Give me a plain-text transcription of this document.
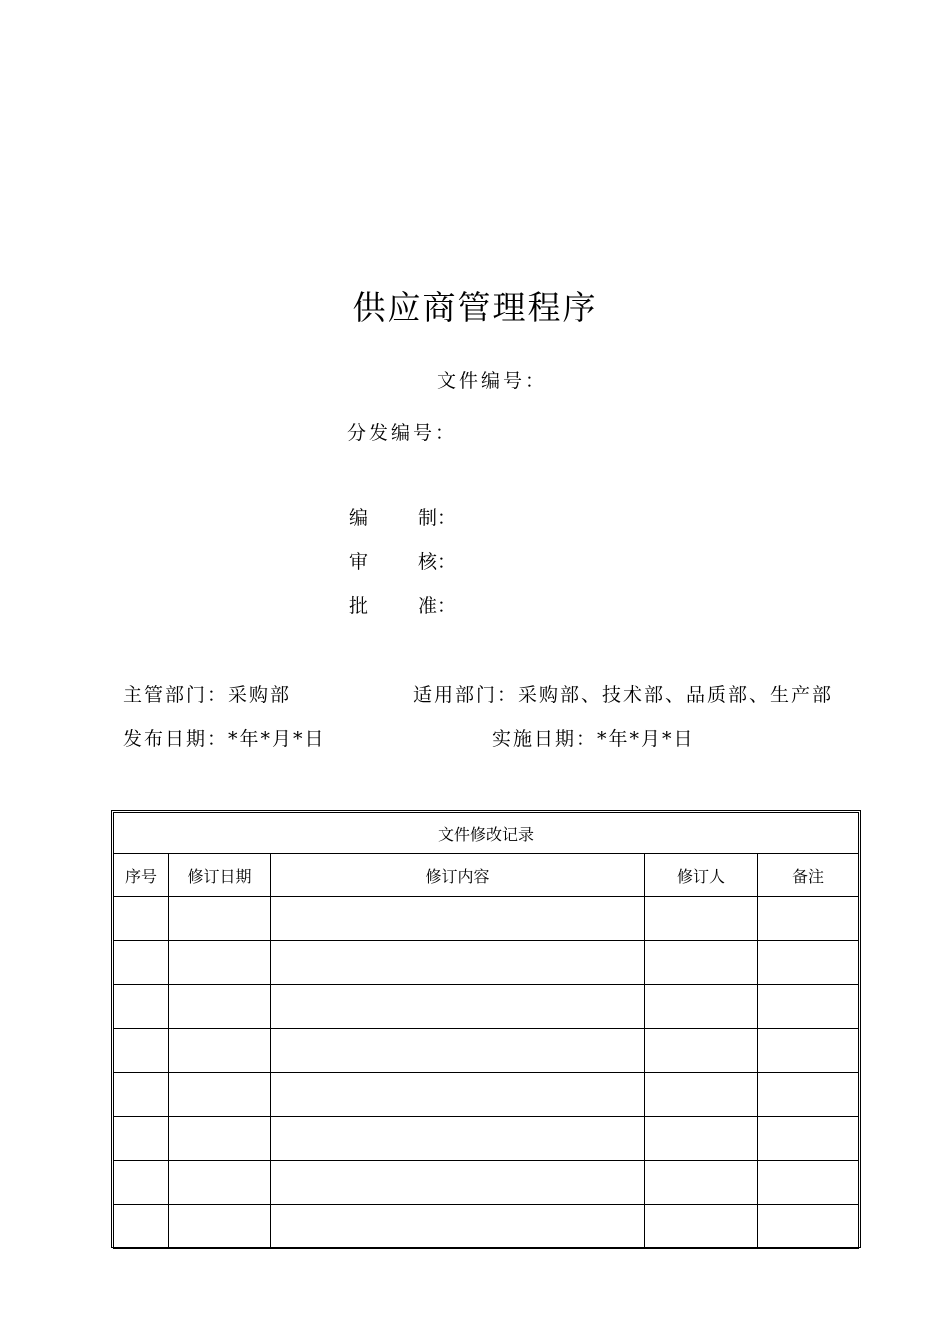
供应商管理程序
文件编号：
分发编号：
编	制：
审	核：
批	准：
主管部门：采购部	适用部门：采购部、技术部、品质部、生产部
发布日期：*年*月*日	实施日期：*年*月*日
文件修改记录				
序号	修订日期	修订内容	修订人	备注
